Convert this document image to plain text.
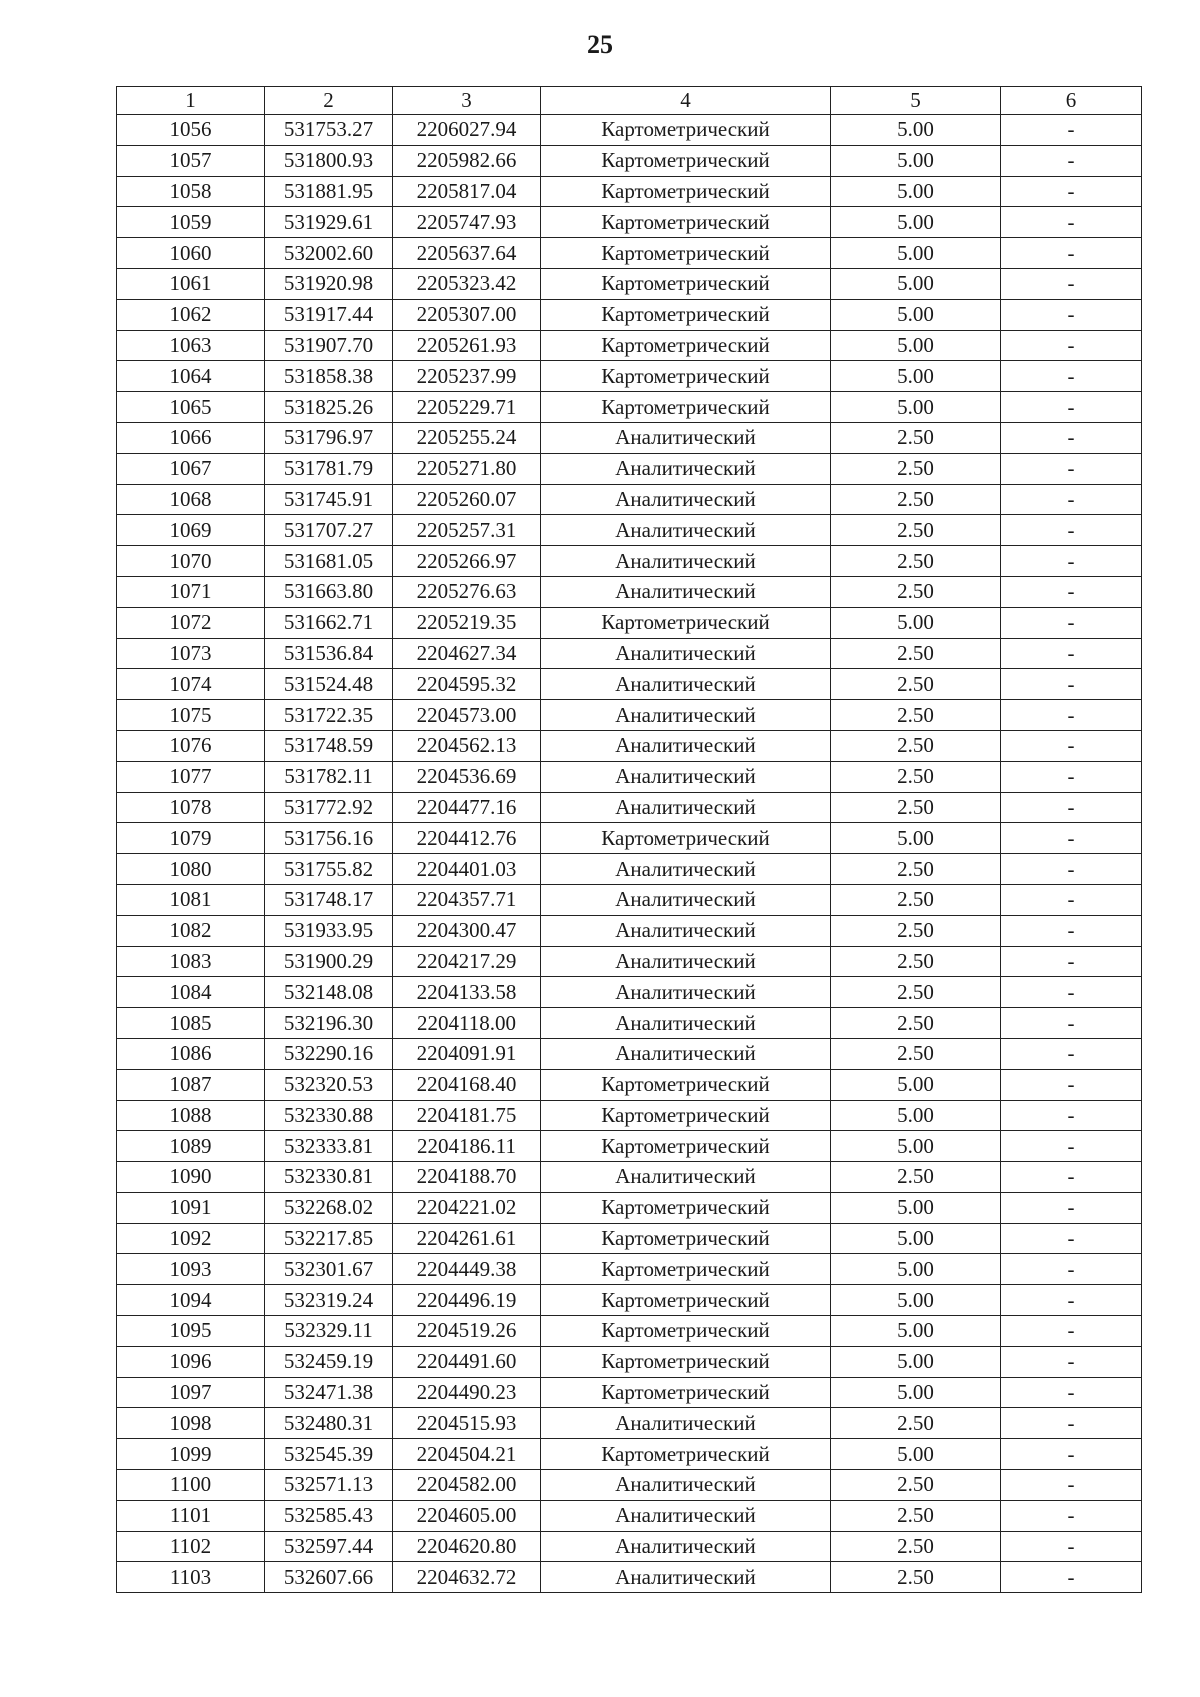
25
1	2	3	4	5	6
1056	531753.27	2206027.94	Картометрический	5.00	-
1057	531800.93	2205982.66	Картометрический	5.00	-
1058	531881.95	2205817.04	Картометрический	5.00	-
1059	531929.61	2205747.93	Картометрический	5.00	-
1060	532002.60	2205637.64	Картометрический	5.00	-
1061	531920.98	2205323.42	Картометрический	5.00	-
1062	531917.44	2205307.00	Картометрический	5.00	-
1063	531907.70	2205261.93	Картометрический	5.00	-
1064	531858.38	2205237.99	Картометрический	5.00	-
1065	531825.26	2205229.71	Картометрический	5.00	-
1066	531796.97	2205255.24	Аналитический	2.50	-
1067	531781.79	2205271.80	Аналитический	2.50	-
1068	531745.91	2205260.07	Аналитический	2.50	-
1069	531707.27	2205257.31	Аналитический	2.50	-
1070	531681.05	2205266.97	Аналитический	2.50	-
1071	531663.80	2205276.63	Аналитический	2.50	-
1072	531662.71	2205219.35	Картометрический	5.00	-
1073	531536.84	2204627.34	Аналитический	2.50	-
1074	531524.48	2204595.32	Аналитический	2.50	-
1075	531722.35	2204573.00	Аналитический	2.50	-
1076	531748.59	2204562.13	Аналитический	2.50	-
1077	531782.11	2204536.69	Аналитический	2.50	-
1078	531772.92	2204477.16	Аналитический	2.50	-
1079	531756.16	2204412.76	Картометрический	5.00	-
1080	531755.82	2204401.03	Аналитический	2.50	-
1081	531748.17	2204357.71	Аналитический	2.50	-
1082	531933.95	2204300.47	Аналитический	2.50	-
1083	531900.29	2204217.29	Аналитический	2.50	-
1084	532148.08	2204133.58	Аналитический	2.50	-
1085	532196.30	2204118.00	Аналитический	2.50	-
1086	532290.16	2204091.91	Аналитический	2.50	-
1087	532320.53	2204168.40	Картометрический	5.00	-
1088	532330.88	2204181.75	Картометрический	5.00	-
1089	532333.81	2204186.11	Картометрический	5.00	-
1090	532330.81	2204188.70	Аналитический	2.50	-
1091	532268.02	2204221.02	Картометрический	5.00	-
1092	532217.85	2204261.61	Картометрический	5.00	-
1093	532301.67	2204449.38	Картометрический	5.00	-
1094	532319.24	2204496.19	Картометрический	5.00	-
1095	532329.11	2204519.26	Картометрический	5.00	-
1096	532459.19	2204491.60	Картометрический	5.00	-
1097	532471.38	2204490.23	Картометрический	5.00	-
1098	532480.31	2204515.93	Аналитический	2.50	-
1099	532545.39	2204504.21	Картометрический	5.00	-
1100	532571.13	2204582.00	Аналитический	2.50	-
1101	532585.43	2204605.00	Аналитический	2.50	-
1102	532597.44	2204620.80	Аналитический	2.50	-
1103	532607.66	2204632.72	Аналитический	2.50	-
